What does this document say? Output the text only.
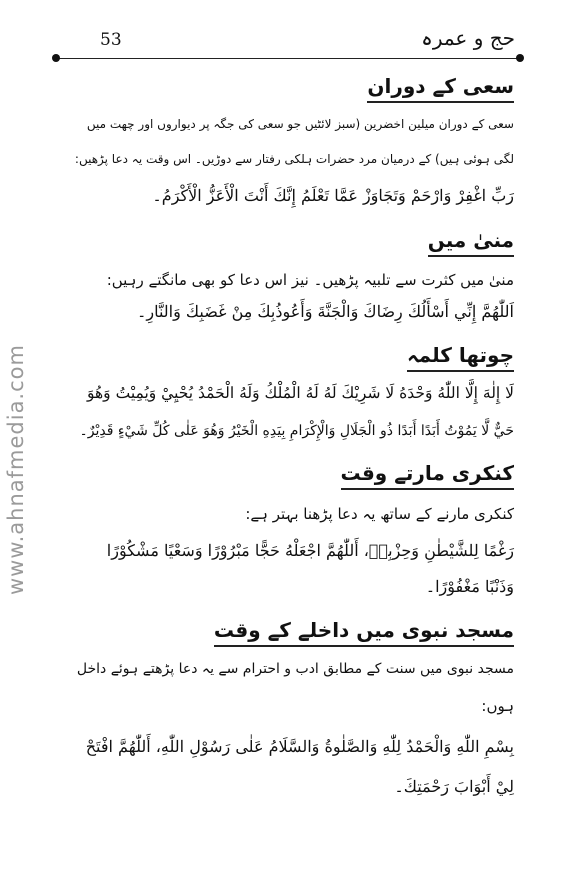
53	حج و عمرہ
www.ahnafmedia.com
سعی کے دوران
سعی کے دوران میلین اخضرین (سبز لائٹیں جو سعی کی جگہ پر دیواروں اور چھت میں
لگی ہوئی ہیں) کے درمیان مرد حضرات ہلکی رفتار سے دوڑیں۔ اس وقت یہ دعا پڑھیں:
رَبِّ اغْفِرْ وَارْحَمْ وَتَجَاوَزْ عَمَّا تَعْلَمُ إِنَّكَ أَنْتَ الْأَعَزُّ الْأَكْرَمُ۔
منیٰ میں
منیٰ میں کثرت سے تلبیہ پڑھیں۔ نیز اس دعا کو بھی مانگتے رہیں:
اَللّٰهُمَّ إِنِّي أَسْأَلُكَ رِضَاكَ وَالْجَنَّةَ وَأَعُوذُبِكَ مِنْ غَضَبِكَ وَالنَّارِ۔
چوتھا کلمہ
لَا إِلٰهَ إِلَّا اللّٰهُ وَحْدَهُ لَا شَرِيْكَ لَهُ لَهُ الْمُلْكُ وَلَهُ الْحَمْدُ يُحْيِيْ وَيُمِيْتُ وَهُوَ
حَيٌّ لَّا يَمُوْتُ أَبَدًا أَبَدًا ذُو الْجَلَالِ وَالْإِكْرَامِ بِيَدِهِ الْخَيْرُ وَهُوَ عَلٰى كُلِّ شَيْءٍ قَدِيْرٌ۔
کنکری مارتے وقت
کنکری مارنے کے ساتھ یہ دعا پڑھنا بہتر ہے:
رَغْمًا لِلشَّيْطٰنِ وَحِزْبِهٖ، أَللّٰهُمَّ اجْعَلْهُ حَجًّا مَبْرُوْرًا وَسَعْيًا مَشْكُوْرًا
وَذَنْبًا مَغْفُوْرًا۔
مسجد نبوی میں داخلے کے وقت
مسجد نبوی میں سنت کے مطابق ادب و احترام سے یہ دعا پڑھتے ہوئے داخل
ہوں:
بِسْمِ اللّٰهِ وَالْحَمْدُ لِلّٰهِ وَالصَّلٰوةُ وَالسَّلَامُ عَلٰى رَسُوْلِ اللّٰهِ، أَللّٰهُمَّ افْتَحْ
لِيْ أَبْوَابَ رَحْمَتِكَ۔
